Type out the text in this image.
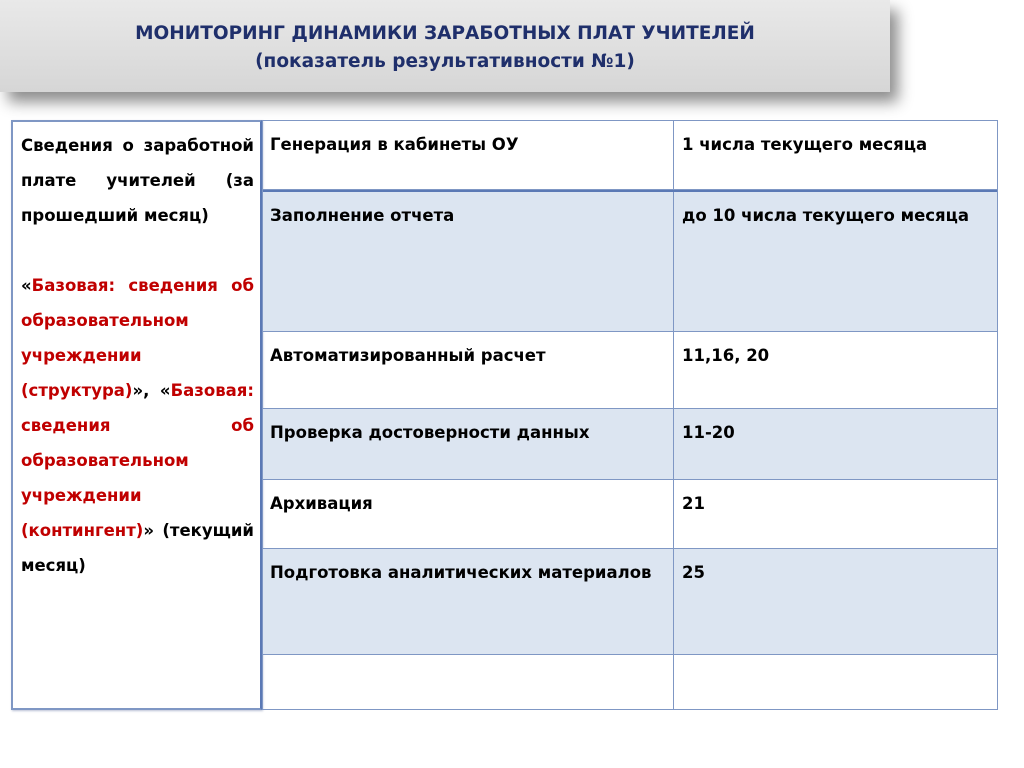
МОНИТОРИНГ ДИНАМИКИ ЗАРАБОТНЫХ ПЛАТ УЧИТЕЛЕЙ
(показатель результативности №1)

Сведения о заработной плате учителей (за прошедший месяц)

«Базовая: сведения об образовательном учреждении (структура)», «Базовая: сведения об образовательном учреждении (контингент)» (текущий месяц)

Генерация в кабинеты ОУ	1 числа текущего месяца
Заполнение отчета	до 10 числа текущего месяца
Автоматизированный расчет	11,16, 20
Проверка достоверности данных	11-20
Архивация	21
Подготовка аналитических материалов	25
